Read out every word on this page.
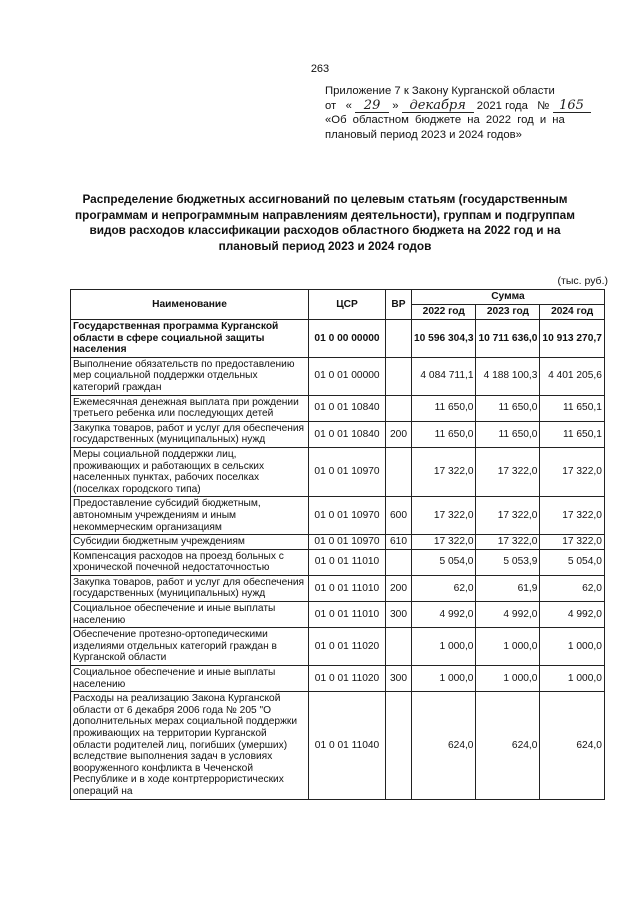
263
Приложение 7 к Закону Курганской области
от « 29 » декабря 2021 года № 165
«Об областном бюджете на 2022 год и на
плановый период 2023 и 2024 годов»
Распределение бюджетных ассигнований по целевым статьям (государственным программам и непрограммным направлениям деятельности), группам и подгруппам видов расходов классификации расходов областного бюджета на 2022 год и на плановый период 2023 и 2024 годов
(тыс. руб.)
Наименование	ЦСР	ВР	Сумма		
			2022 год	2023 год	2024 год
Государственная программа Курганской области в сфере социальной защиты населения	01 0 00 00000		10 596 304,3	10 711 636,0	10 913 270,7
Выполнение обязательств по предоставлению мер социальной поддержки отдельных категорий граждан	01 0 01 00000		4 084 711,1	4 188 100,3	4 401 205,6
Ежемесячная денежная выплата при рождении третьего ребенка или последующих детей	01 0 01 10840		11 650,0	11 650,0	11 650,1
Закупка товаров, работ и услуг для обеспечения государственных (муниципальных) нужд	01 0 01 10840	200	11 650,0	11 650,0	11 650,1
Меры социальной поддержки лиц, проживающих и работающих в сельских населенных пунктах, рабочих поселках (поселках городского типа)	01 0 01 10970		17 322,0	17 322,0	17 322,0
Предоставление субсидий бюджетным, автономным учреждениям и иным некоммерческим организациям	01 0 01 10970	600	17 322,0	17 322,0	17 322,0
Субсидии бюджетным учреждениям	01 0 01 10970	610	17 322,0	17 322,0	17 322,0
Компенсация расходов на проезд больных с хронической почечной недостаточностью	01 0 01 11010		5 054,0	5 053,9	5 054,0
Закупка товаров, работ и услуг для обеспечения государственных (муниципальных) нужд	01 0 01 11010	200	62,0	61,9	62,0
Социальное обеспечение и иные выплаты населению	01 0 01 11010	300	4 992,0	4 992,0	4 992,0
Обеспечение протезно-ортопедическими изделиями отдельных категорий граждан в Курганской области	01 0 01 11020		1 000,0	1 000,0	1 000,0
Социальное обеспечение и иные выплаты населению	01 0 01 11020	300	1 000,0	1 000,0	1 000,0
Расходы на реализацию Закона Курганской области от 6 декабря 2006 года № 205 "О дополнительных мерах социальной поддержки проживающих на территории Курганской области родителей лиц, погибших (умерших) вследствие выполнения задач в условиях вооруженного конфликта в Чеченской Республике и в ходе контртеррористических операций на	01 0 01 11040		624,0	624,0	624,0
